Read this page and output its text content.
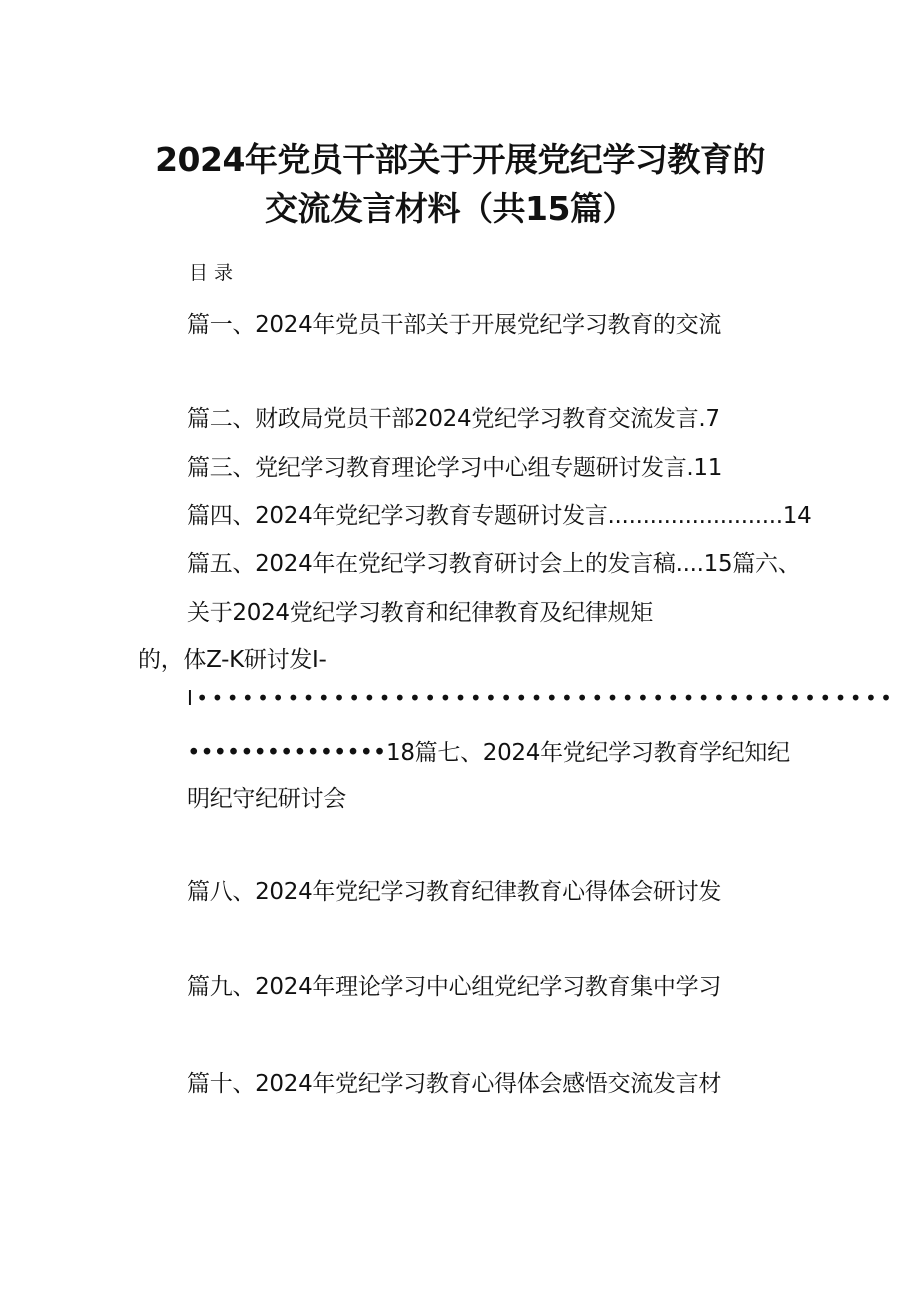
2024年党员干部关于开展党纪学习教育的
交流发言材料（共15篇）
目录
篇一、2024年党员干部关于开展党纪学习教育的交流
篇二、财政局党员干部2024党纪学习教育交流发言.7
篇三、党纪学习教育理论学习中心组专题研讨发言.11
篇四、2024年党纪学习教育专题研讨发言.........................14
篇五、2024年在党纪学习教育研讨会上的发言稿....15篇六、
关于2024党纪学习教育和纪律教育及纪律规矩
的，体Z-K研讨发I-
I••••••••••••••••••••••••••••••••••••••••••••••
•••••••••••••••18篇七、2024年党纪学习教育学纪知纪
明纪守纪研讨会
篇八、2024年党纪学习教育纪律教育心得体会研讨发
篇九、2024年理论学习中心组党纪学习教育集中学习
篇十、2024年党纪学习教育心得体会感悟交流发言材
